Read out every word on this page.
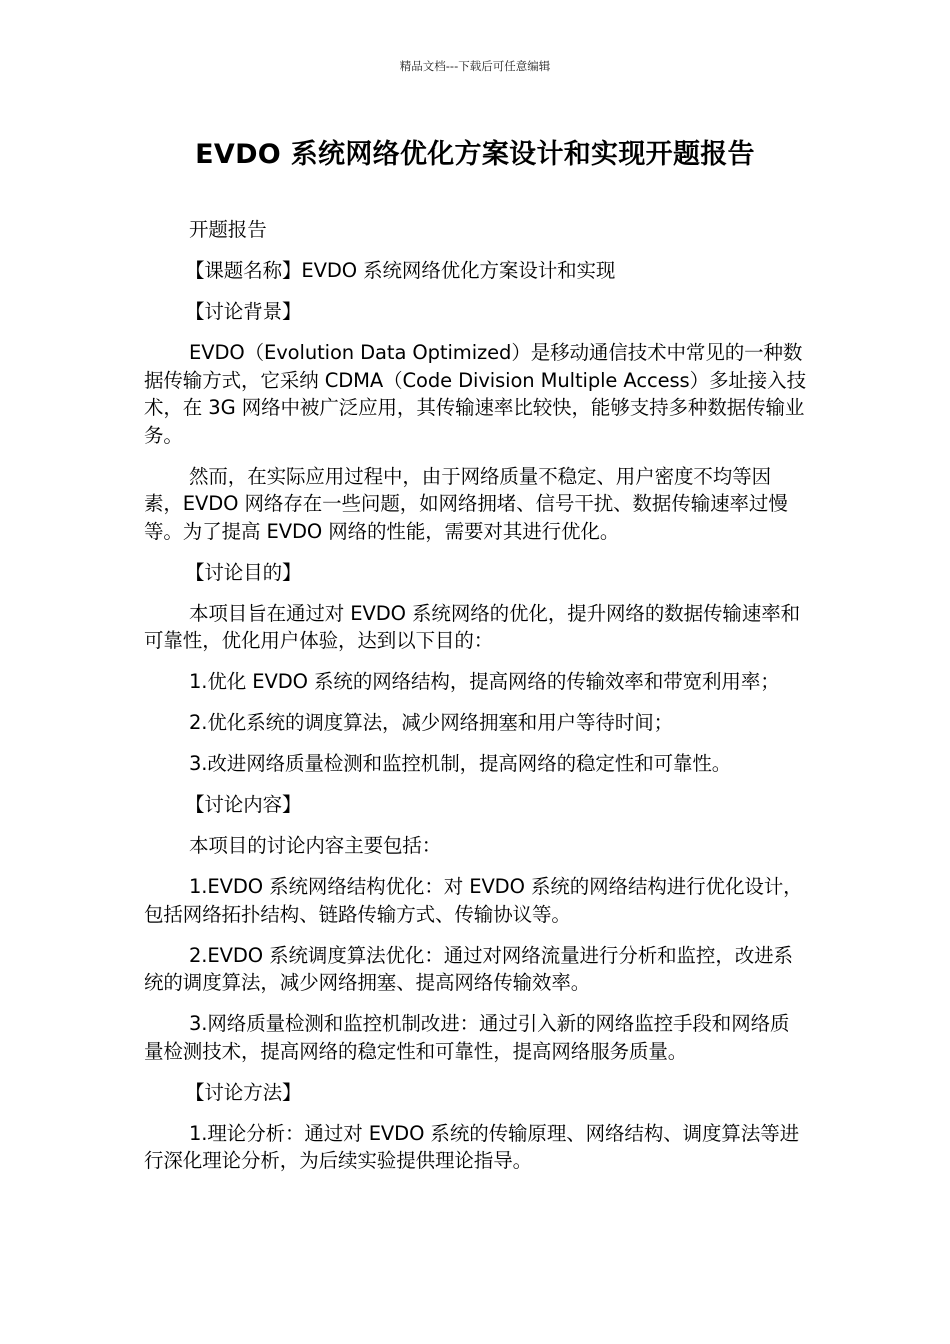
精品文档---下载后可任意编辑
EVDO 系统网络优化方案设计和实现开题报告

开题报告

【课题名称】EVDO 系统网络优化方案设计和实现

【讨论背景】

EVDO（Evolution Data Optimized）是移动通信技术中常见的一种数据传输方式，它采纳 CDMA（Code Division Multiple Access）多址接入技术，在 3G 网络中被广泛应用，其传输速率比较快，能够支持多种数据传输业务。

然而，在实际应用过程中，由于网络质量不稳定、用户密度不均等因素，EVDO 网络存在一些问题，如网络拥堵、信号干扰、数据传输速率过慢等。为了提高 EVDO 网络的性能，需要对其进行优化。

【讨论目的】

本项目旨在通过对 EVDO 系统网络的优化，提升网络的数据传输速率和可靠性，优化用户体验，达到以下目的：

1.优化 EVDO 系统的网络结构，提高网络的传输效率和带宽利用率；

2.优化系统的调度算法，减少网络拥塞和用户等待时间；

3.改进网络质量检测和监控机制，提高网络的稳定性和可靠性。

【讨论内容】

本项目的讨论内容主要包括：

1.EVDO 系统网络结构优化：对 EVDO 系统的网络结构进行优化设计，包括网络拓扑结构、链路传输方式、传输协议等。

2.EVDO 系统调度算法优化：通过对网络流量进行分析和监控，改进系统的调度算法，减少网络拥塞、提高网络传输效率。

3.网络质量检测和监控机制改进：通过引入新的网络监控手段和网络质量检测技术，提高网络的稳定性和可靠性，提高网络服务质量。

【讨论方法】

1.理论分析：通过对 EVDO 系统的传输原理、网络结构、调度算法等进行深化理论分析，为后续实验提供理论指导。
